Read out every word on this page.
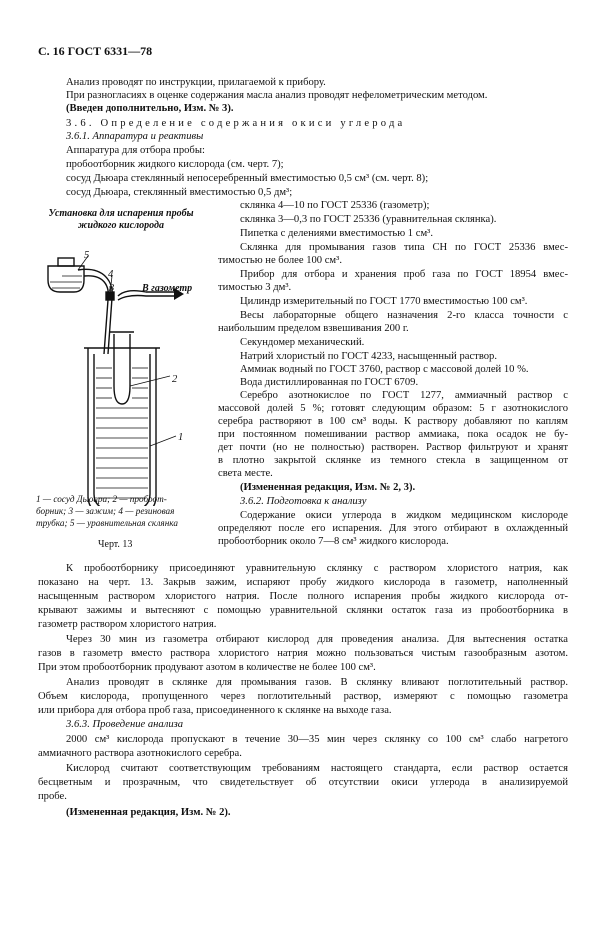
С. 16 ГОСТ 6331—78
Анализ проводят по инструкции, прилагаемой к прибору.
При разногласиях в оценке содержания масла анализ проводят нефелометрическим методом.
(Введен дополнительно, Изм. № 3).
3.6. Определение содержания окиси углерода
3.6.1. Аппаратура и реактивы
Аппаратура для отбора пробы:
пробоотборник жидкого кислорода (см. черт. 7);
сосуд Дьюара стеклянный непосеребренный вместимостью 0,5 см³ (см. черт. 8);
сосуд Дьюара, стеклянный вместимостью 0,5 дм³;
Установка для испарения пробы
жидкого кислорода
В газометр
5
4
3
2
1
1 — сосуд Дьюара; 2 — пробоот-
борник; 3 — зажим; 4 — резиновая
трубка; 5 — уравнительная склянка
Черт. 13
склянка 4—10 по ГОСТ 25336 (газометр);
склянка 3—0,3 по ГОСТ 25336 (уравнительная склянка).
Пипетка с делениями вместимостью 1 см³.
Склянка для промывания газов типа СН по ГОСТ 25336 вмес-
тимостью не более 100 см³.
Прибор для отбора и хранения проб газа по ГОСТ 18954 вмес-
тимостью 3 дм³.
Цилиндр измерительный по ГОСТ 1770 вместимостью 100 см³.
Весы лабораторные общего назначения 2-го класса точности с
наибольшим пределом взвешивания 200 г.
Секундомер механический.
Натрий хлористый по ГОСТ 4233, насыщенный раствор.
Аммиак водный по ГОСТ 3760, раствор с массовой долей 10 %.
Вода дистиллированная по ГОСТ 6709.
Серебро азотнокислое по ГОСТ 1277, аммиачный раствор с
массовой долей 5 %; готовят следующим образом: 5 г азотнокислого
серебра растворяют в 100 см³ воды. К раствору добавляют по каплям
при постоянном помешивании раствор аммиака, пока осадок не бу-
дет почти (но не полностью) растворен. Раствор фильтруют и хранят
в плотно закрытой склянке из темного стекла в защищенном от
света месте.
(Измененная редакция, Изм. № 2, 3).
3.6.2. Подготовка к анализу
Содержание окиси углерода в жидком медицинском кислороде
определяют после его испарения. Для этого отбирают в охлажденный
пробоотборник около 7—8 см³ жидкого кислорода.
К пробоотборнику присоединяют уравнительную склянку с раствором хлористого натрия, как
показано на черт. 13. Закрыв зажим, испаряют пробу жидкого кислорода в газометр, наполненный
насыщенным раствором хлористого натрия. После полного испарения пробы жидкого кислорода от-
крывают зажимы и вытесняют с помощью уравнительной склянки остаток газа из пробоотборника в
газометр раствором хлористого натрия.
Через 30 мин из газометра отбирают кислород для проведения анализа. Для вытеснения остатка
газов в газометр вместо раствора хлористого натрия можно пользоваться чистым газообразным азотом.
При этом пробоотборник продувают азотом в количестве не более 100 см³.
Анализ проводят в склянке для промывания газов. В склянку вливают поглотительный раствор.
Объем кислорода, пропущенного через поглотительный раствор, измеряют с помощью газометра
или прибора для отбора проб газа, присоединенного к склянке на выходе газа.
3.6.3. Проведение анализа
2000 см³ кислорода пропускают в течение 30—35 мин через склянку со 100 см³ слабо нагретого
аммиачного раствора азотнокислого серебра.
Кислород считают соответствующим требованиям настоящего стандарта, если раствор остается
бесцветным и прозрачным, что свидетельствует об отсутствии окиси углерода в анализируемой
пробе.
(Измененная редакция, Изм. № 2).
